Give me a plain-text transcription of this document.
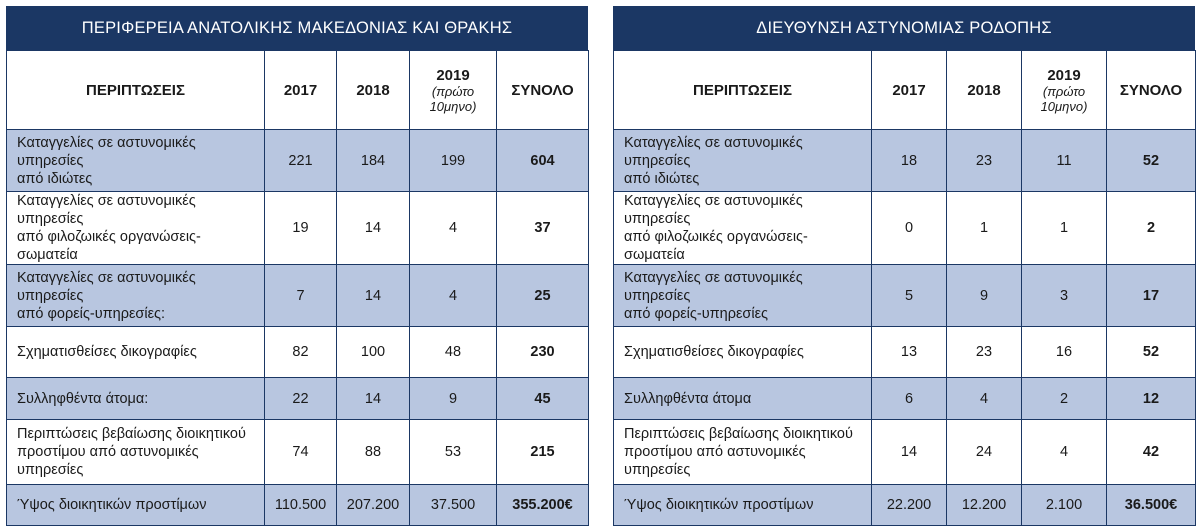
ΠΕΡΙΦΕΡΕΙΑ ΑΝΑΤΟΛΙΚΗΣ ΜΑΚΕΔΟΝΙΑΣ ΚΑΙ ΘΡΑΚΗΣ
ΠΕΡΙΠΤΩΣΕΙΣ	2017	2018	2019
(πρώτο
10μηνο)	ΣΥΝΟΛΟ
Καταγγελίες σε αστυνομικές υπηρεσίες
από ιδιώτες	221	184	199	604
Καταγγελίες σε αστυνομικές υπηρεσίες
από φιλοζωικές οργανώσεις-σωματεία	19	14	4	37
Καταγγελίες σε αστυνομικές υπηρεσίες
από φορείς-υπηρεσίες:	7	14	4	25
Σχηματισθείσες δικογραφίες	82	100	48	230
Συλληφθέντα άτομα:	22	14	9	45
Περιπτώσεις βεβαίωσης διοικητικού
προστίμου από αστυνομικές υπηρεσίες	74	88	53	215
Ύψος διοικητικών προστίμων	110.500	207.200	37.500	355.200€
ΔΙΕΥΘΥΝΣΗ ΑΣΤΥΝΟΜΙΑΣ ΡΟΔΟΠΗΣ
ΠΕΡΙΠΤΩΣΕΙΣ	2017	2018	2019
(πρώτο
10μηνο)	ΣΥΝΟΛΟ
Καταγγελίες σε αστυνομικές υπηρεσίες
από ιδιώτες	18	23	11	52
Καταγγελίες σε αστυνομικές υπηρεσίες
από φιλοζωικές οργανώσεις-σωματεία	0	1	1	2
Καταγγελίες σε αστυνομικές υπηρεσίες
από φορείς-υπηρεσίες	5	9	3	17
Σχηματισθείσες δικογραφίες	13	23	16	52
Συλληφθέντα άτομα	6	4	2	12
Περιπτώσεις βεβαίωσης διοικητικού
προστίμου από αστυνομικές υπηρεσίες	14	24	4	42
Ύψος διοικητικών προστίμων	22.200	12.200	2.100	36.500€
